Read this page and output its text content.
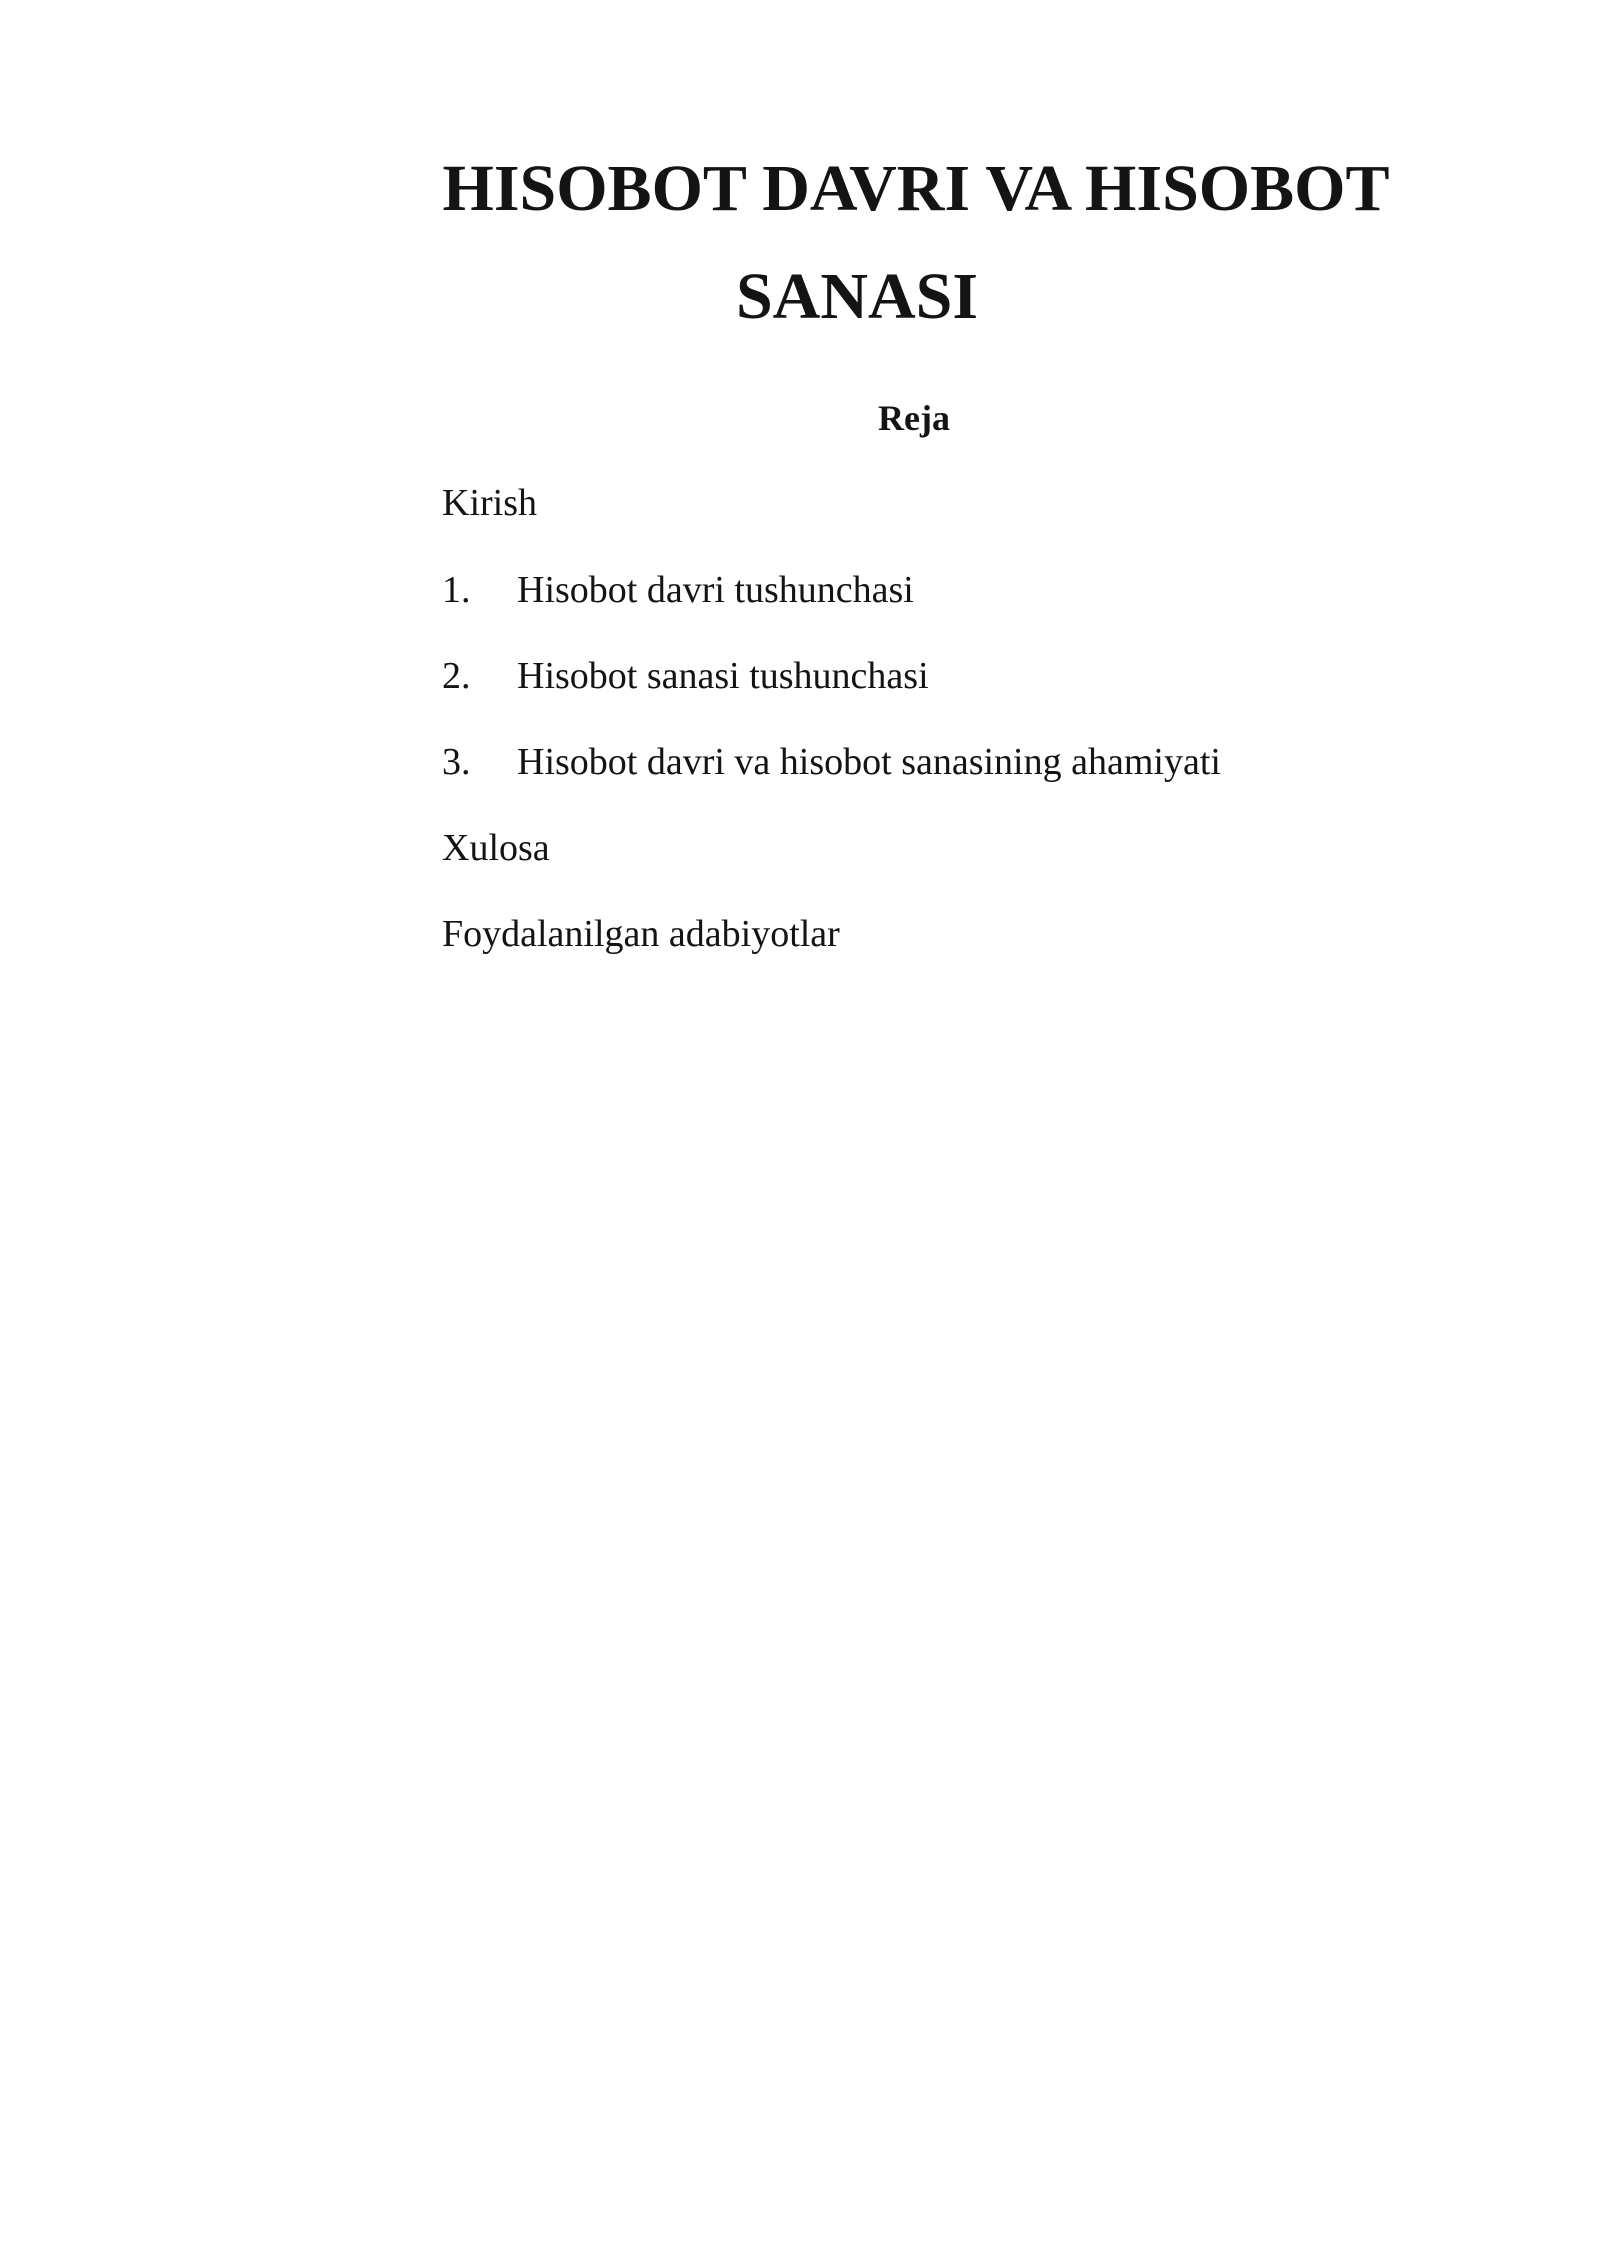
HISOBOT DAVRI VA HISOBOT
SANASI
Reja
Kirish
1. Hisobot davri tushunchasi
2. Hisobot sanasi tushunchasi
3. Hisobot davri va hisobot sanasining ahamiyati
Xulosa
Foydalanilgan adabiyotlar
